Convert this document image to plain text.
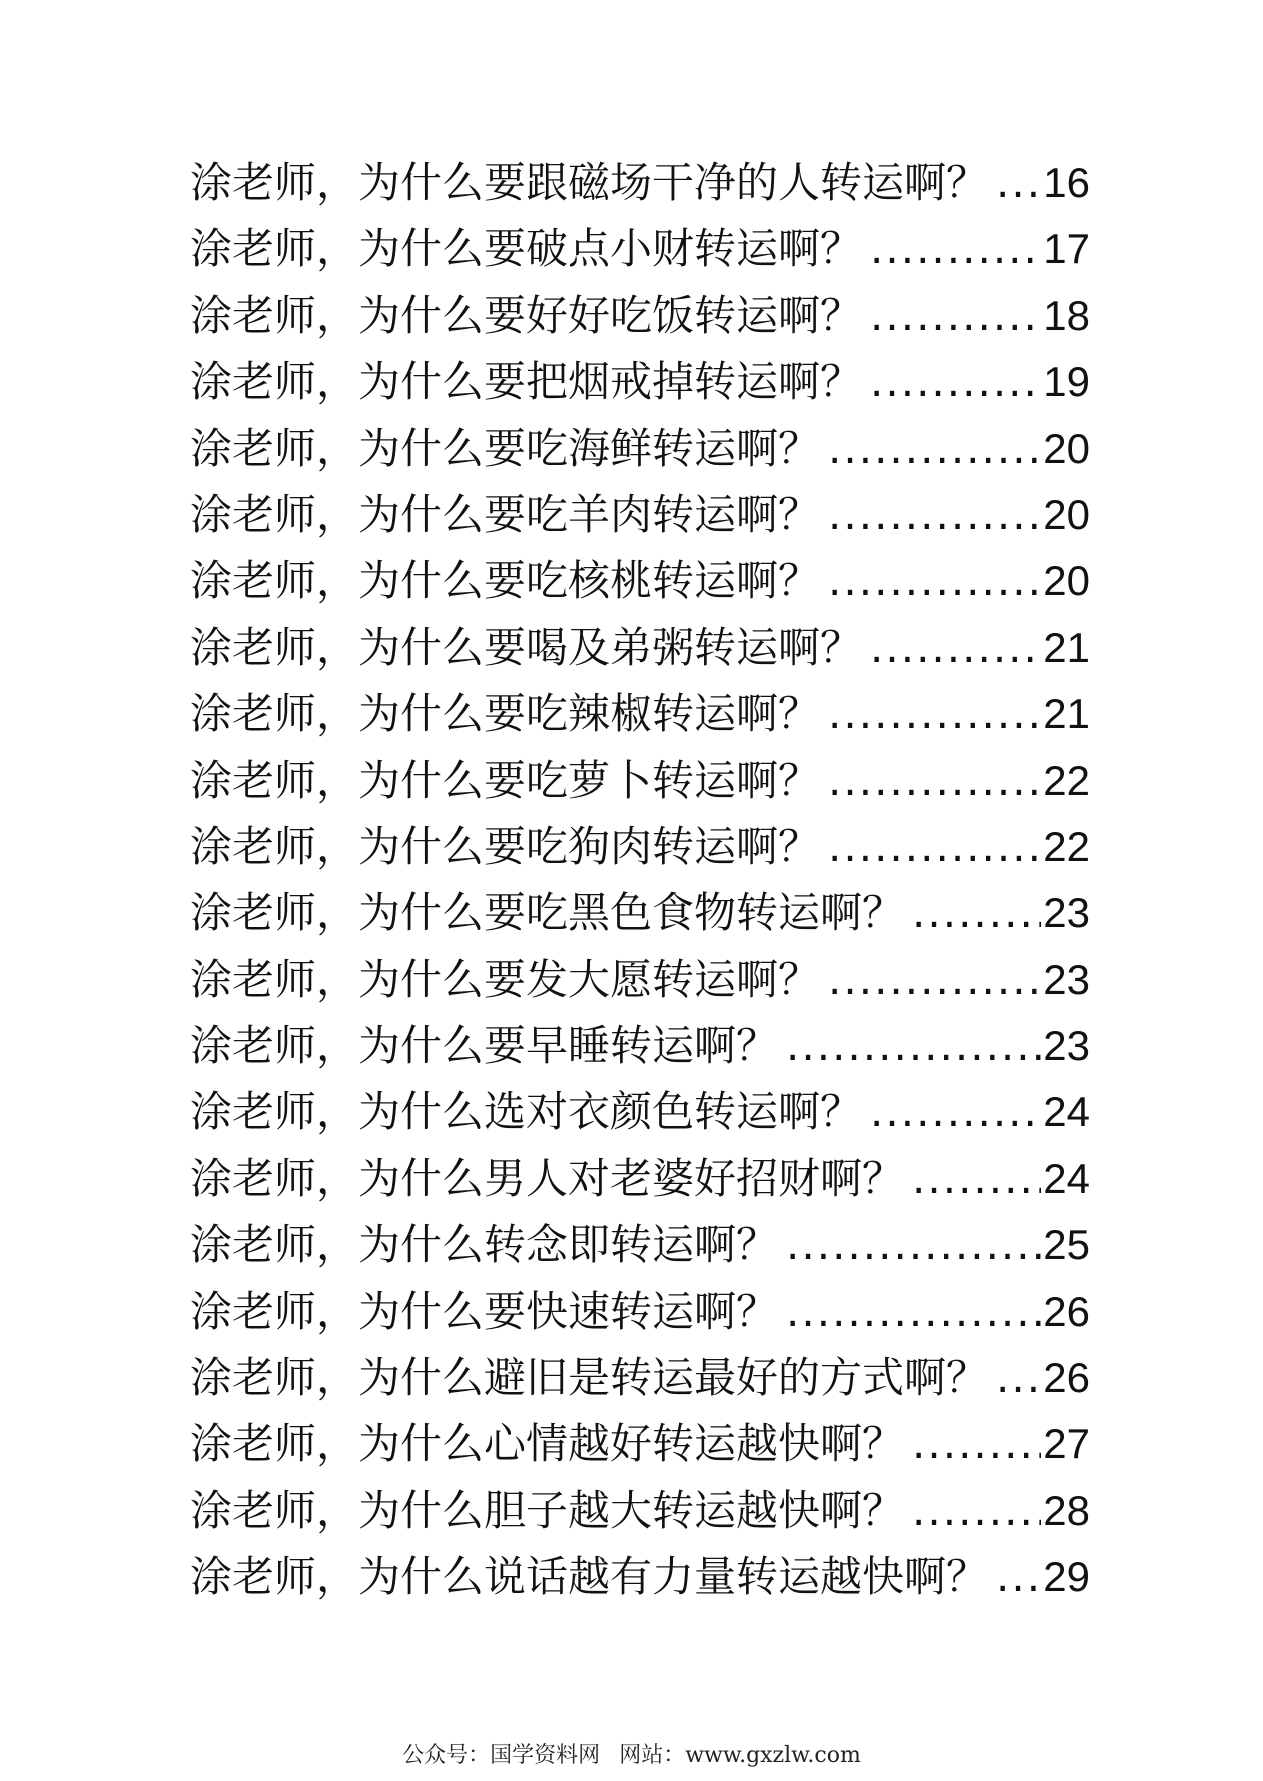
涂老师，为什么要跟磁场干净的人转运啊？ ..... 16
涂老师，为什么要破点小财转运啊？ .....	17
涂老师，为什么要好好吃饭转运啊？ .....	18
涂老师，为什么要把烟戒掉转运啊？ .....	19
涂老师，为什么要吃海鲜转运啊？ .....	20
涂老师，为什么要吃羊肉转运啊？ .....	20
涂老师，为什么要吃核桃转运啊？ .....	20
涂老师，为什么要喝及弟粥转运啊？ .....	21
涂老师，为什么要吃辣椒转运啊？ .....	21
涂老师，为什么要吃萝卜转运啊？ .....	22
涂老师，为什么要吃狗肉转运啊？ .....	22
涂老师，为什么要吃黑色食物转运啊？ .....	23
涂老师，为什么要发大愿转运啊？ .....	23
涂老师，为什么要早睡转运啊？ .....	23
涂老师，为什么选对衣颜色转运啊？ .....	24
涂老师，为什么男人对老婆好招财啊？ .....	24
涂老师，为什么转念即转运啊？ .....	25
涂老师，为什么要快速转运啊？ .....	26
涂老师，为什么避旧是转运最好的方式啊？ ..... 26
涂老师，为什么心情越好转运越快啊？ .....	27
涂老师，为什么胆子越大转运越快啊？ .....	28
涂老师，为什么说话越有力量转运越快啊？ ..... 29
公众号：国学资料网 网站：www.gxzlw.com
